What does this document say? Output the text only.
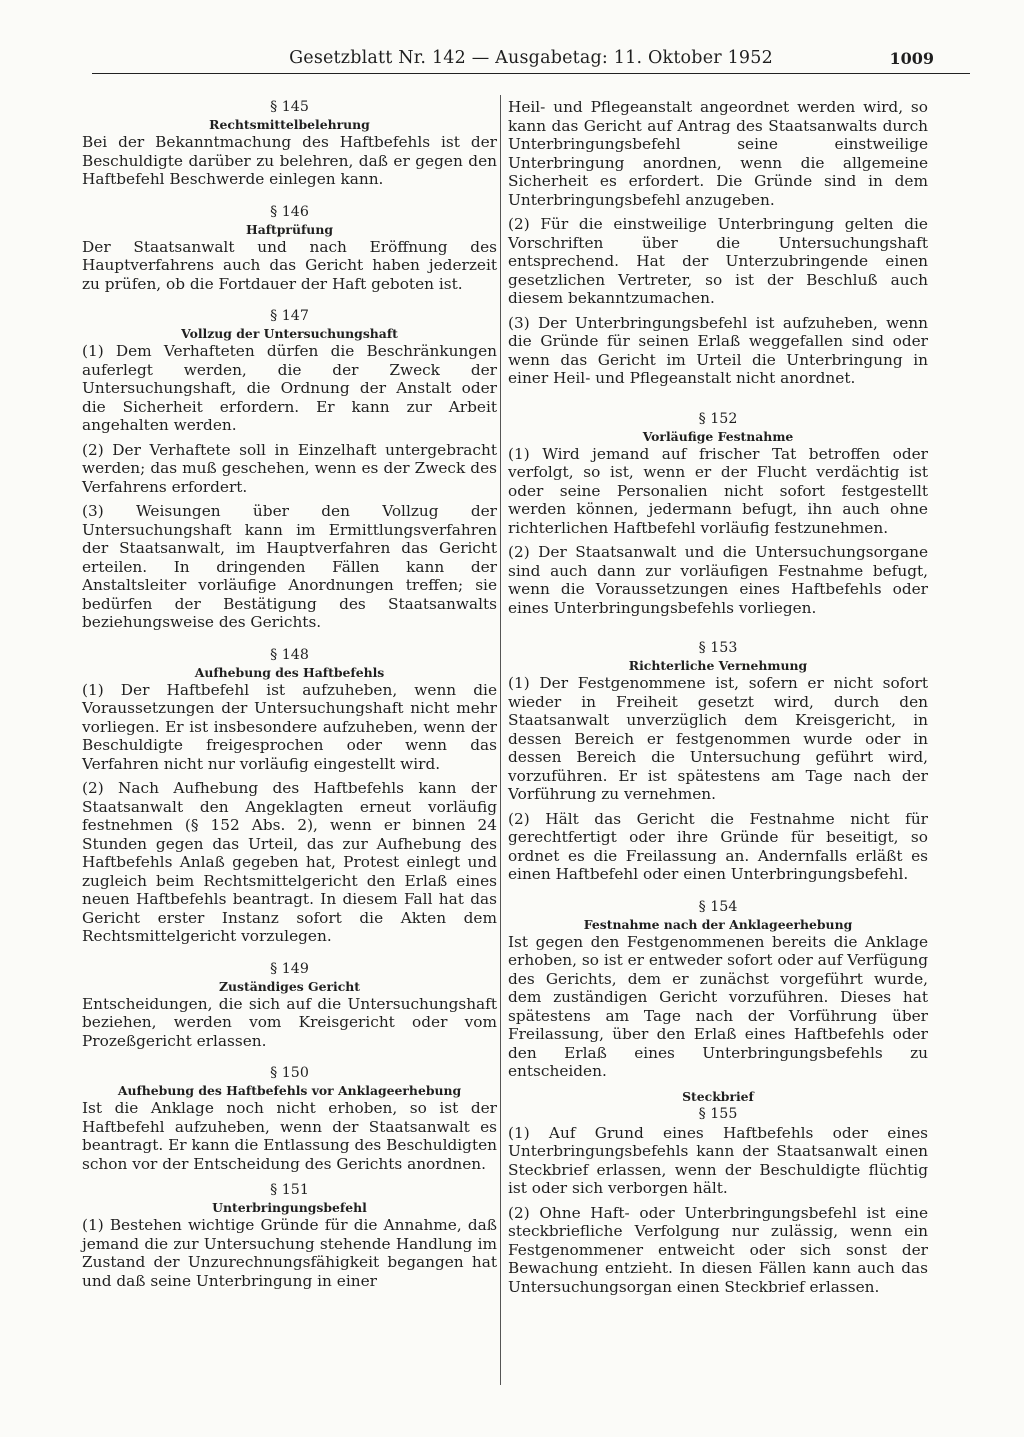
Gesetzblatt Nr. 142 — Ausgabetag: 11. Oktober 1952	1009
§ 145
Rechtsmittelbelehrung

Bei der Bekanntmachung des Haftbefehls ist der Beschuldigte darüber zu belehren, daß er gegen den Haftbefehl Beschwerde einlegen kann.

§ 146
Haftprüfung

Der Staatsanwalt und nach Eröffnung des Hauptverfahrens auch das Gericht haben jederzeit zu prüfen, ob die Fortdauer der Haft geboten ist.

§ 147
Vollzug der Untersuchungshaft

(1) Dem Verhafteten dürfen die Beschränkungen auferlegt werden, die der Zweck der Untersuchungshaft, die Ordnung der Anstalt oder die Sicherheit erfordern. Er kann zur Arbeit angehalten werden.

(2) Der Verhaftete soll in Einzelhaft untergebracht werden; das muß geschehen, wenn es der Zweck des Verfahrens erfordert.

(3) Weisungen über den Vollzug der Untersuchungshaft kann im Ermittlungsverfahren der Staatsanwalt, im Hauptverfahren das Gericht erteilen. In dringenden Fällen kann der Anstaltsleiter vorläufige Anordnungen treffen; sie bedürfen der Bestätigung des Staatsanwalts beziehungsweise des Gerichts.

§ 148
Aufhebung des Haftbefehls

(1) Der Haftbefehl ist aufzuheben, wenn die Voraussetzungen der Untersuchungshaft nicht mehr vorliegen. Er ist insbesondere aufzuheben, wenn der Beschuldigte freigesprochen oder wenn das Verfahren nicht nur vorläufig eingestellt wird.

(2) Nach Aufhebung des Haftbefehls kann der Staatsanwalt den Angeklagten erneut vorläufig festnehmen (§ 152 Abs. 2), wenn er binnen 24 Stunden gegen das Urteil, das zur Aufhebung des Haftbefehls Anlaß gegeben hat, Protest einlegt und zugleich beim Rechtsmittelgericht den Erlaß eines neuen Haftbefehls beantragt. In diesem Fall hat das Gericht erster Instanz sofort die Akten dem Rechtsmittelgericht vorzulegen.

§ 149
Zuständiges Gericht

Entscheidungen, die sich auf die Untersuchungshaft beziehen, werden vom Kreisgericht oder vom Prozeßgericht erlassen.

§ 150
Aufhebung des Haftbefehls vor Anklageerhebung

Ist die Anklage noch nicht erhoben, so ist der Haftbefehl aufzuheben, wenn der Staatsanwalt es beantragt. Er kann die Entlassung des Beschuldigten schon vor der Entscheidung des Gerichts anordnen.

§ 151
Unterbringungsbefehl

(1) Bestehen wichtige Gründe für die Annahme, daß jemand die zur Untersuchung stehende Handlung im Zustand der Unzurechnungsfähigkeit begangen hat und daß seine Unterbringung in einer

Heil- und Pflegeanstalt angeordnet werden wird, so kann das Gericht auf Antrag des Staatsanwalts durch Unterbringungsbefehl seine einstweilige Unterbringung anordnen, wenn die allgemeine Sicherheit es erfordert. Die Gründe sind in dem Unterbringungsbefehl anzugeben.

(2) Für die einstweilige Unterbringung gelten die Vorschriften über die Untersuchungshaft entsprechend. Hat der Unterzubringende einen gesetzlichen Vertreter, so ist der Beschluß auch diesem bekanntzumachen.

(3) Der Unterbringungsbefehl ist aufzuheben, wenn die Gründe für seinen Erlaß weggefallen sind oder wenn das Gericht im Urteil die Unterbringung in einer Heil- und Pflegeanstalt nicht anordnet.

§ 152
Vorläufige Festnahme

(1) Wird jemand auf frischer Tat betroffen oder verfolgt, so ist, wenn er der Flucht verdächtig ist oder seine Personalien nicht sofort festgestellt werden können, jedermann befugt, ihn auch ohne richterlichen Haftbefehl vorläufig festzunehmen.

(2) Der Staatsanwalt und die Untersuchungsorgane sind auch dann zur vorläufigen Festnahme befugt, wenn die Voraussetzungen eines Haftbefehls oder eines Unterbringungsbefehls vorliegen.

§ 153
Richterliche Vernehmung

(1) Der Festgenommene ist, sofern er nicht sofort wieder in Freiheit gesetzt wird, durch den Staatsanwalt unverzüglich dem Kreisgericht, in dessen Bereich er festgenommen wurde oder in dessen Bereich die Untersuchung geführt wird, vorzuführen. Er ist spätestens am Tage nach der Vorführung zu vernehmen.

(2) Hält das Gericht die Festnahme nicht für gerechtfertigt oder ihre Gründe für beseitigt, so ordnet es die Freilassung an. Andernfalls erläßt es einen Haftbefehl oder einen Unterbringungsbefehl.

§ 154
Festnahme nach der Anklageerhebung

Ist gegen den Festgenommenen bereits die Anklage erhoben, so ist er entweder sofort oder auf Verfügung des Gerichts, dem er zunächst vorgeführt wurde, dem zuständigen Gericht vorzuführen. Dieses hat spätestens am Tage nach der Vorführung über Freilassung, über den Erlaß eines Haftbefehls oder den Erlaß eines Unterbringungsbefehls zu entscheiden.

Steckbrief
§ 155

(1) Auf Grund eines Haftbefehls oder eines Unterbringungsbefehls kann der Staatsanwalt einen Steckbrief erlassen, wenn der Beschuldigte flüchtig ist oder sich verborgen hält.

(2) Ohne Haft- oder Unterbringungsbefehl ist eine steckbriefliche Verfolgung nur zulässig, wenn ein Festgenommener entweicht oder sich sonst der Bewachung entzieht. In diesen Fällen kann auch das Untersuchungsorgan einen Steckbrief erlassen.
